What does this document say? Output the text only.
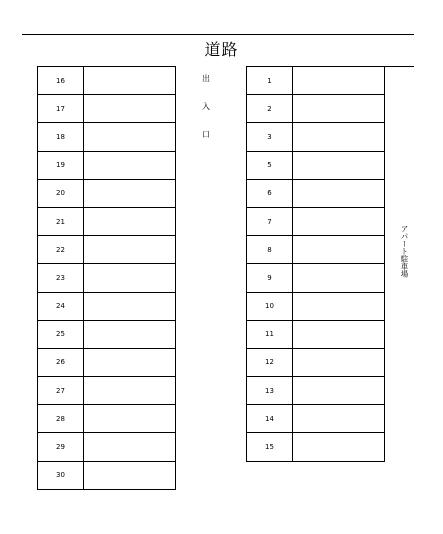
道路
出
入
口
16	
17	
18	
19	
20	
21	
22	
23	
24	
25	
26	
27	
28	
29	
30	
1	
2	
3	
5	
6	
7	
8	
9	
10	
11	
12	
13	
14	
15	
アパート駐車場
